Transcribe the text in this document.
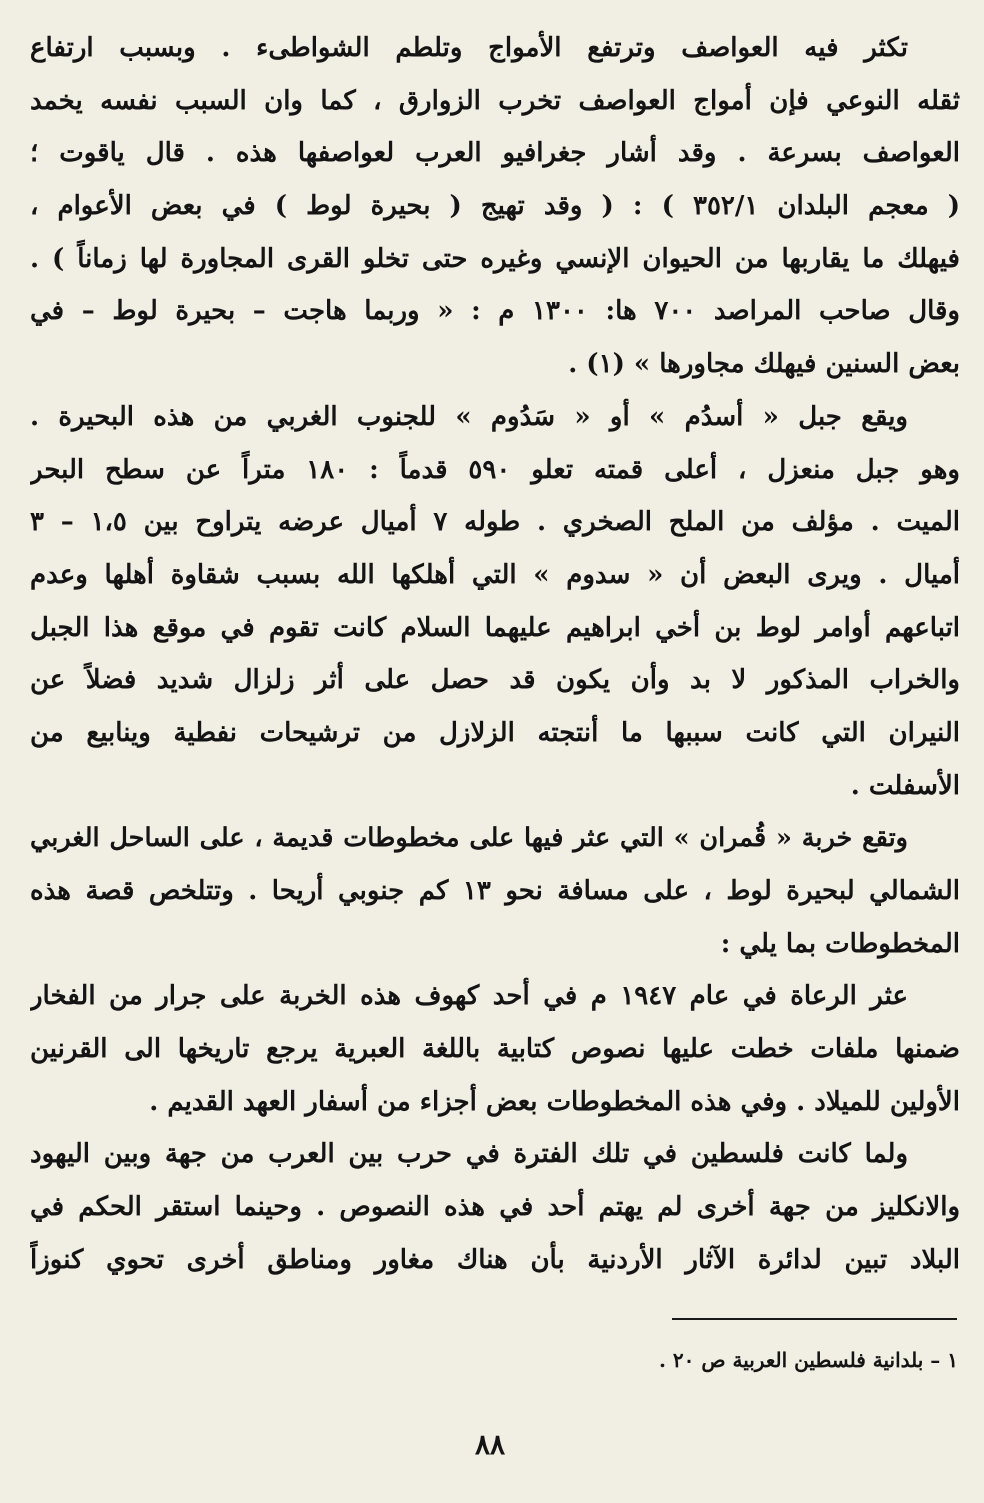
تكثر فيه العواصف وترتفع الأمواج وتلطم الشواطىء . وبسبب ارتفاع
ثقله النوعي فإن أمواج العواصف تخرب الزوارق ، كما وان السبب نفسه يخمد
العواصف بسرعة . وقد أشار جغرافيو العرب لعواصفها هذه . قال ياقوت ؛
( معجم البلدان ٣٥٢/١ ) : ( وقد تهيج ( بحيرة لوط ) في بعض الأعوام ،
فيهلك ما يقاربها من الحيوان الإنسي وغيره حتى تخلو القرى المجاورة لها زماناً ) .
وقال صاحب المراصد ٧٠٠ ها: ١٣٠٠ م : « وربما هاجت – بحيرة لوط – في
بعض السنين فيهلك مجاورها » (١) .
ويقع جبل « أسدُم » أو « سَدُوم » للجنوب الغربي من هذه البحيرة .
وهو جبل منعزل ، أعلى قمته تعلو ٥٩٠ قدماً : ١٨٠ متراً عن سطح البحر
الميت . مؤلف من الملح الصخري . طوله ٧ أميال عرضه يتراوح بين ١،٥ – ٣
أميال . ويرى البعض أن « سدوم » التي أهلكها الله بسبب شقاوة أهلها وعدم
اتباعهم أوامر لوط بن أخي ابراهيم عليهما السلام كانت تقوم في موقع هذا الجبل
والخراب المذكور لا بد وأن يكون قد حصل على أثر زلزال شديد فضلاً عن
النيران التي كانت سببها ما أنتجته الزلازل من ترشيحات نفطية وينابيع من
الأسفلت .
وتقع خربة « قُمران » التي عثر فيها على مخطوطات قديمة ، على الساحل الغربي
الشمالي لبحيرة لوط ، على مسافة نحو ١٣ كم جنوبي أريحا . وتتلخص قصة هذه
المخطوطات بما يلي :
عثر الرعاة في عام ١٩٤٧ م في أحد كهوف هذه الخربة على جرار من الفخار
ضمنها ملفات خطت عليها نصوص كتابية باللغة العبرية يرجع تاريخها الى القرنين
الأولين للميلاد . وفي هذه المخطوطات بعض أجزاء من أسفار العهد القديم .
ولما كانت فلسطين في تلك الفترة في حرب بين العرب من جهة وبين اليهود
والانكليز من جهة أخرى لم يهتم أحد في هذه النصوص . وحينما استقر الحكم في
البلاد تبين لدائرة الآثار الأردنية بأن هناك مغاور ومناطق أخرى تحوي كنوزاً
١ – بلدانية فلسطين العربية ص ٢٠ .
٨٨
